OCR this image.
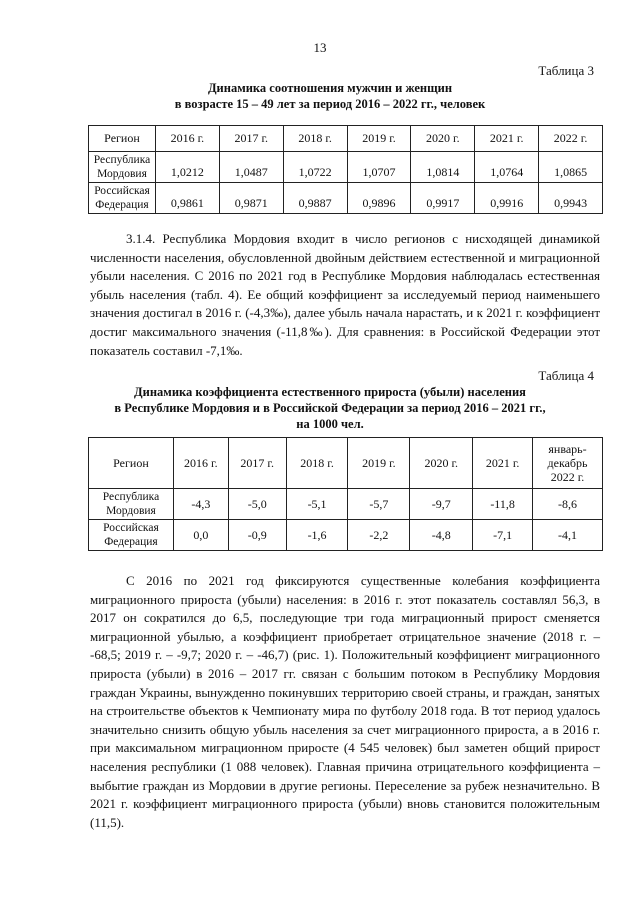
13
Таблица 3
Динамика соотношения мужчин и женщин
в возрасте 15 – 49 лет за период 2016 – 2022 гг., человек
Регион	2016 г.	2017 г.	2018 г.	2019 г.	2020 г.	2021 г.	2022 г.

Республика
Мордовия	1,0212	1,0487	1,0722	1,0707	1,0814	1,0764	1,0865

Российская
Федерация	0,9861	0,9871	0,9887	0,9896	0,9917	0,9916	0,9943
3.1.4. Республика Мордовия входит в число регионов с нисходящей динамикой численности населения, обусловленной двойным действием естественной и миграционной убыли населения. С 2016 по 2021 год в Республике Мордовия наблюдалась естественная убыль населения (табл. 4). Ее общий коэффициент за исследуемый период наименьшего значения достигал в 2016 г. (-4,3‰), далее убыль начала нарастать, и к 2021 г. коэффициент достиг максимального значения (-11,8‰). Для сравнения: в Российской Федерации этот показатель составил -7,1‰.
Таблица 4
Динамика коэффициента естественного прироста (убыли) населения
в Республике Мордовия и в Российской Федерации за период 2016 – 2021 гг.,
на 1000 чел.
Регион	2016 г.	2017 г.	2018 г.	2019 г.	2020 г.	2021 г.	январь-
декабрь
2022 г.

Республика
Мордовия	-4,3	-5,0	-5,1	-5,7	-9,7	-11,8	-8,6

Российская
Федерация	0,0	-0,9	-1,6	-2,2	-4,8	-7,1	-4,1
С 2016 по 2021 год фиксируются существенные колебания коэффициента миграционного прироста (убыли) населения: в 2016 г. этот показатель составлял 56,3, в 2017 он сократился до 6,5, последующие три года миграционный прирост сменяется миграционной убылью, а коэффициент приобретает отрицательное значение (2018 г. – -68,5; 2019 г. – -9,7; 2020 г. – -46,7) (рис. 1). Положительный коэффициент миграционного прироста (убыли) в 2016 – 2017 гг. связан с большим потоком в Республику Мордовия граждан Украины, вынужденно покинувших территорию своей страны, и граждан, занятых на строительстве объектов к Чемпионату мира по футболу 2018 года. В тот период удалось значительно снизить общую убыль населения за счет миграционного прироста, а в 2016 г. при максимальном миграционном приросте (4 545 человек) был заметен общий прирост населения республики (1 088 человек). Главная причина отрицательного коэффициента – выбытие граждан из Мордовии в другие регионы. Переселение за рубеж незначительно. В 2021 г. коэффициент миграционного прироста (убыли) вновь становится положительным (11,5).
